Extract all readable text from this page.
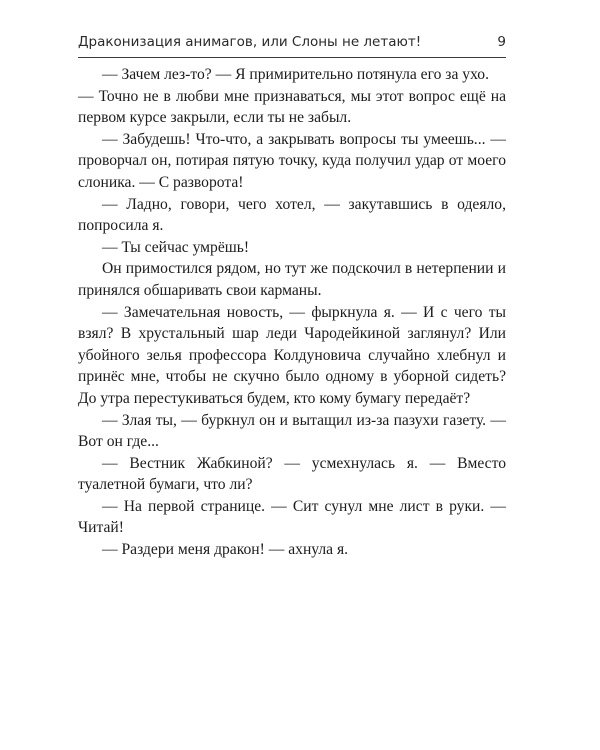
Драконизация анимагов, или Слоны не летают!	9

— Зачем лез-то? — Я примирительно потянула его за ухо.

— Точно не в любви мне признаваться, мы этот вопрос ещё на первом курсе закрыли, если ты не забыл.

— Забудешь! Что-что, а закрывать вопросы ты умеешь... — проворчал он, потирая пятую точку, куда получил удар от моего слоника. — С разворота!

— Ладно, говори, чего хотел, — закутавшись в одеяло, попросила я.

— Ты сейчас умрёшь!

Он примостился рядом, но тут же подскочил в нетерпении и принялся обшаривать свои карманы.

— Замечательная новость, — фыркнула я. — И с чего ты взял? В хрустальный шар леди Чародейкиной заглянул? Или убойного зелья профессора Колдуновича случайно хлебнул и принёс мне, чтобы не скучно было одному в уборной сидеть? До утра перестукиваться будем, кто кому бумагу передаёт?

— Злая ты, — буркнул он и вытащил из-за пазухи газету. — Вот он где...

— Вестник Жабкиной? — усмехнулась я. — Вместо туалетной бумаги, что ли?

— На первой странице. — Сит сунул мне лист в руки. — Читай!

— Раздери меня дракон! — ахнула я.
